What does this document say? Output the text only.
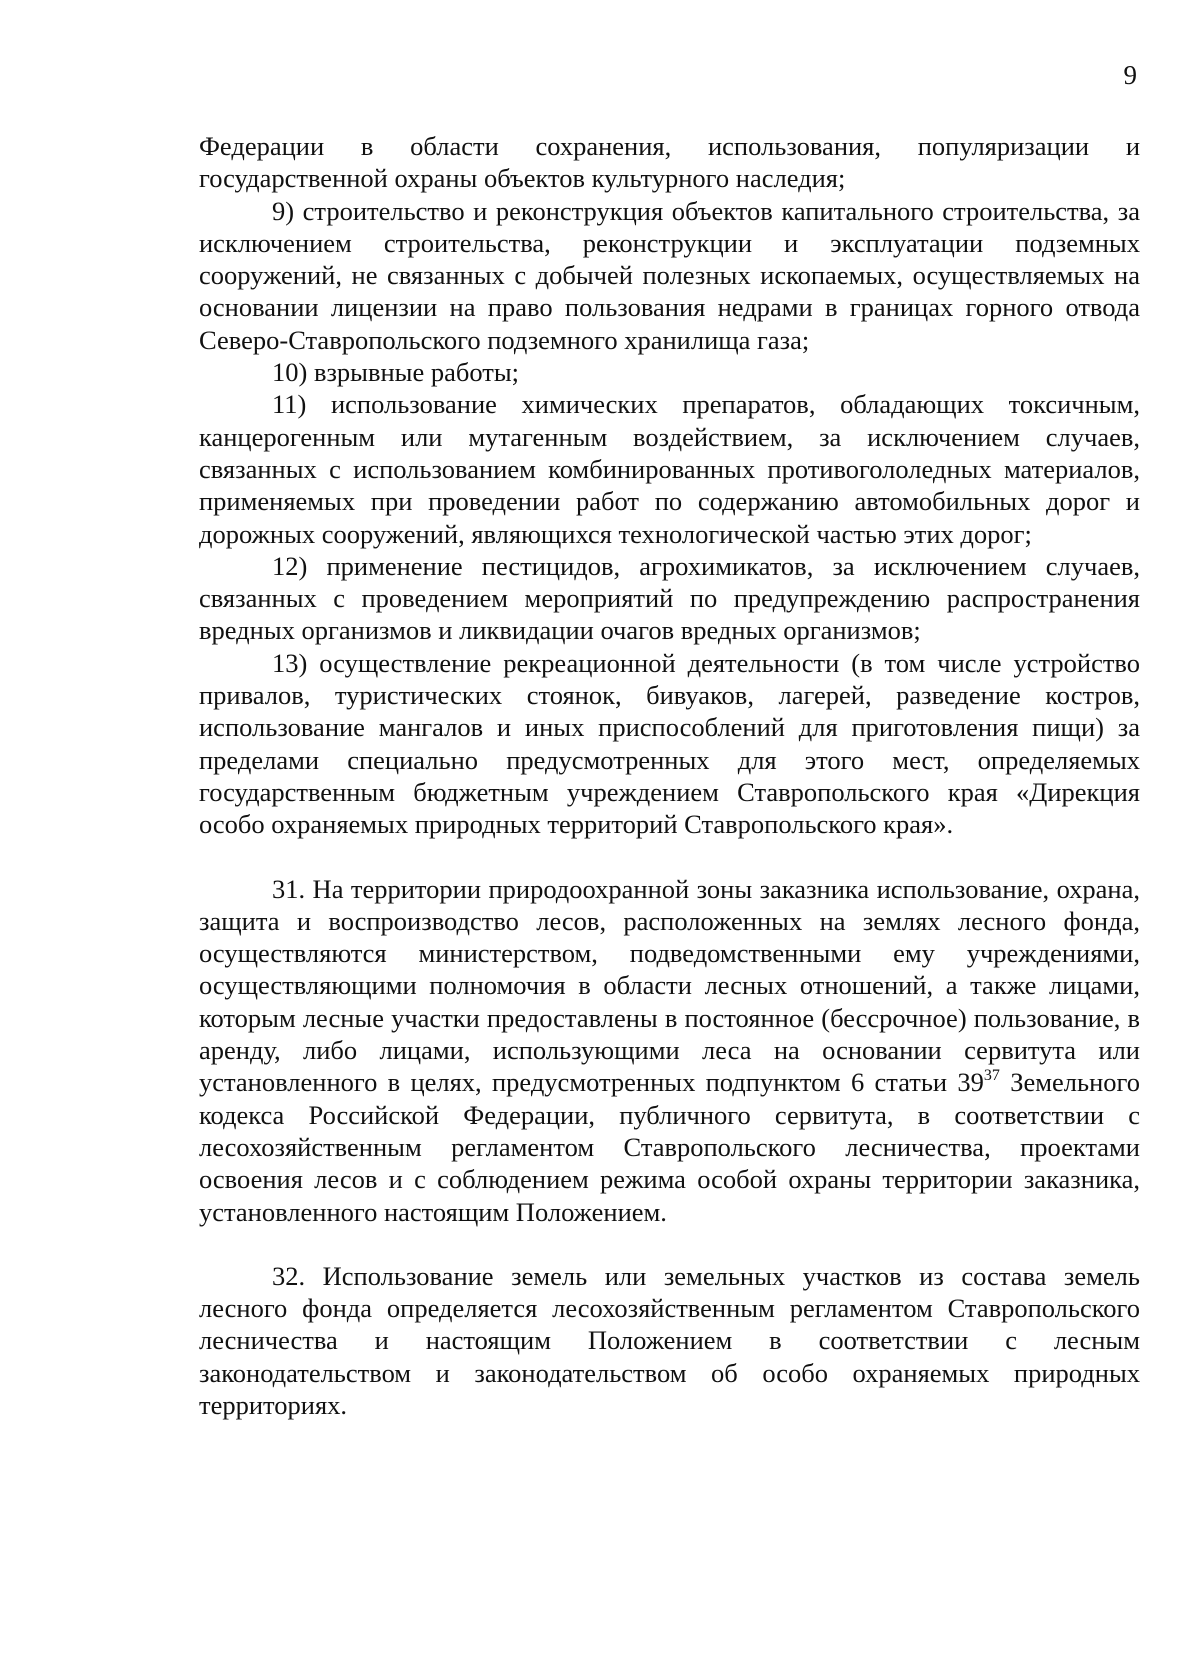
9

Федерации в области сохранения, использования, популяризации и государственной охраны объектов культурного наследия;

9) строительство и реконструкция объектов капитального строительства, за исключением строительства, реконструкции и эксплуатации подземных сооружений, не связанных с добычей полезных ископаемых, осуществляемых на основании лицензии на право пользования недрами в границах горного отвода Северо-Ставропольского подземного хранилища газа;

10) взрывные работы;

11) использование химических препаратов, обладающих токсичным, канцерогенным или мутагенным воздействием, за исключением случаев, связанных с использованием комбинированных противогололедных материалов, применяемых при проведении работ по содержанию автомобильных дорог и дорожных сооружений, являющихся технологической частью этих дорог;

12) применение пестицидов, агрохимикатов, за исключением случаев, связанных с проведением мероприятий по предупреждению распространения вредных организмов и ликвидации очагов вредных организмов;

13) осуществление рекреационной деятельности (в том числе устройство привалов, туристических стоянок, бивуаков, лагерей, разведение костров, использование мангалов и иных приспособлений для приготовления пищи) за пределами специально предусмотренных для этого мест, определяемых государственным бюджетным учреждением Ставропольского края «Дирекция особо охраняемых природных территорий Ставропольского края».

31. На территории природоохранной зоны заказника использование, охрана, защита и воспроизводство лесов, расположенных на землях лесного фонда, осуществляются министерством, подведомственными ему учреждениями, осуществляющими полномочия в области лесных отношений, а также лицами, которым лесные участки предоставлены в постоянное (бессрочное) пользование, в аренду, либо лицами, использующими леса на основании сервитута или установленного в целях, предусмотренных подпунктом 6 статьи $39^{37}$ Земельного кодекса Российской Федерации, публичного сервитута, в соответствии с лесохозяйственным регламентом Ставропольского лесничества, проектами освоения лесов и с соблюдением режима особой охраны территории заказника, установленного настоящим Положением.

32. Использование земель или земельных участков из состава земель лесного фонда определяется лесохозяйственным регламентом Ставропольского лесничества и настоящим Положением в соответствии с лесным законодательством и законодательством об особо охраняемых природных территориях.
